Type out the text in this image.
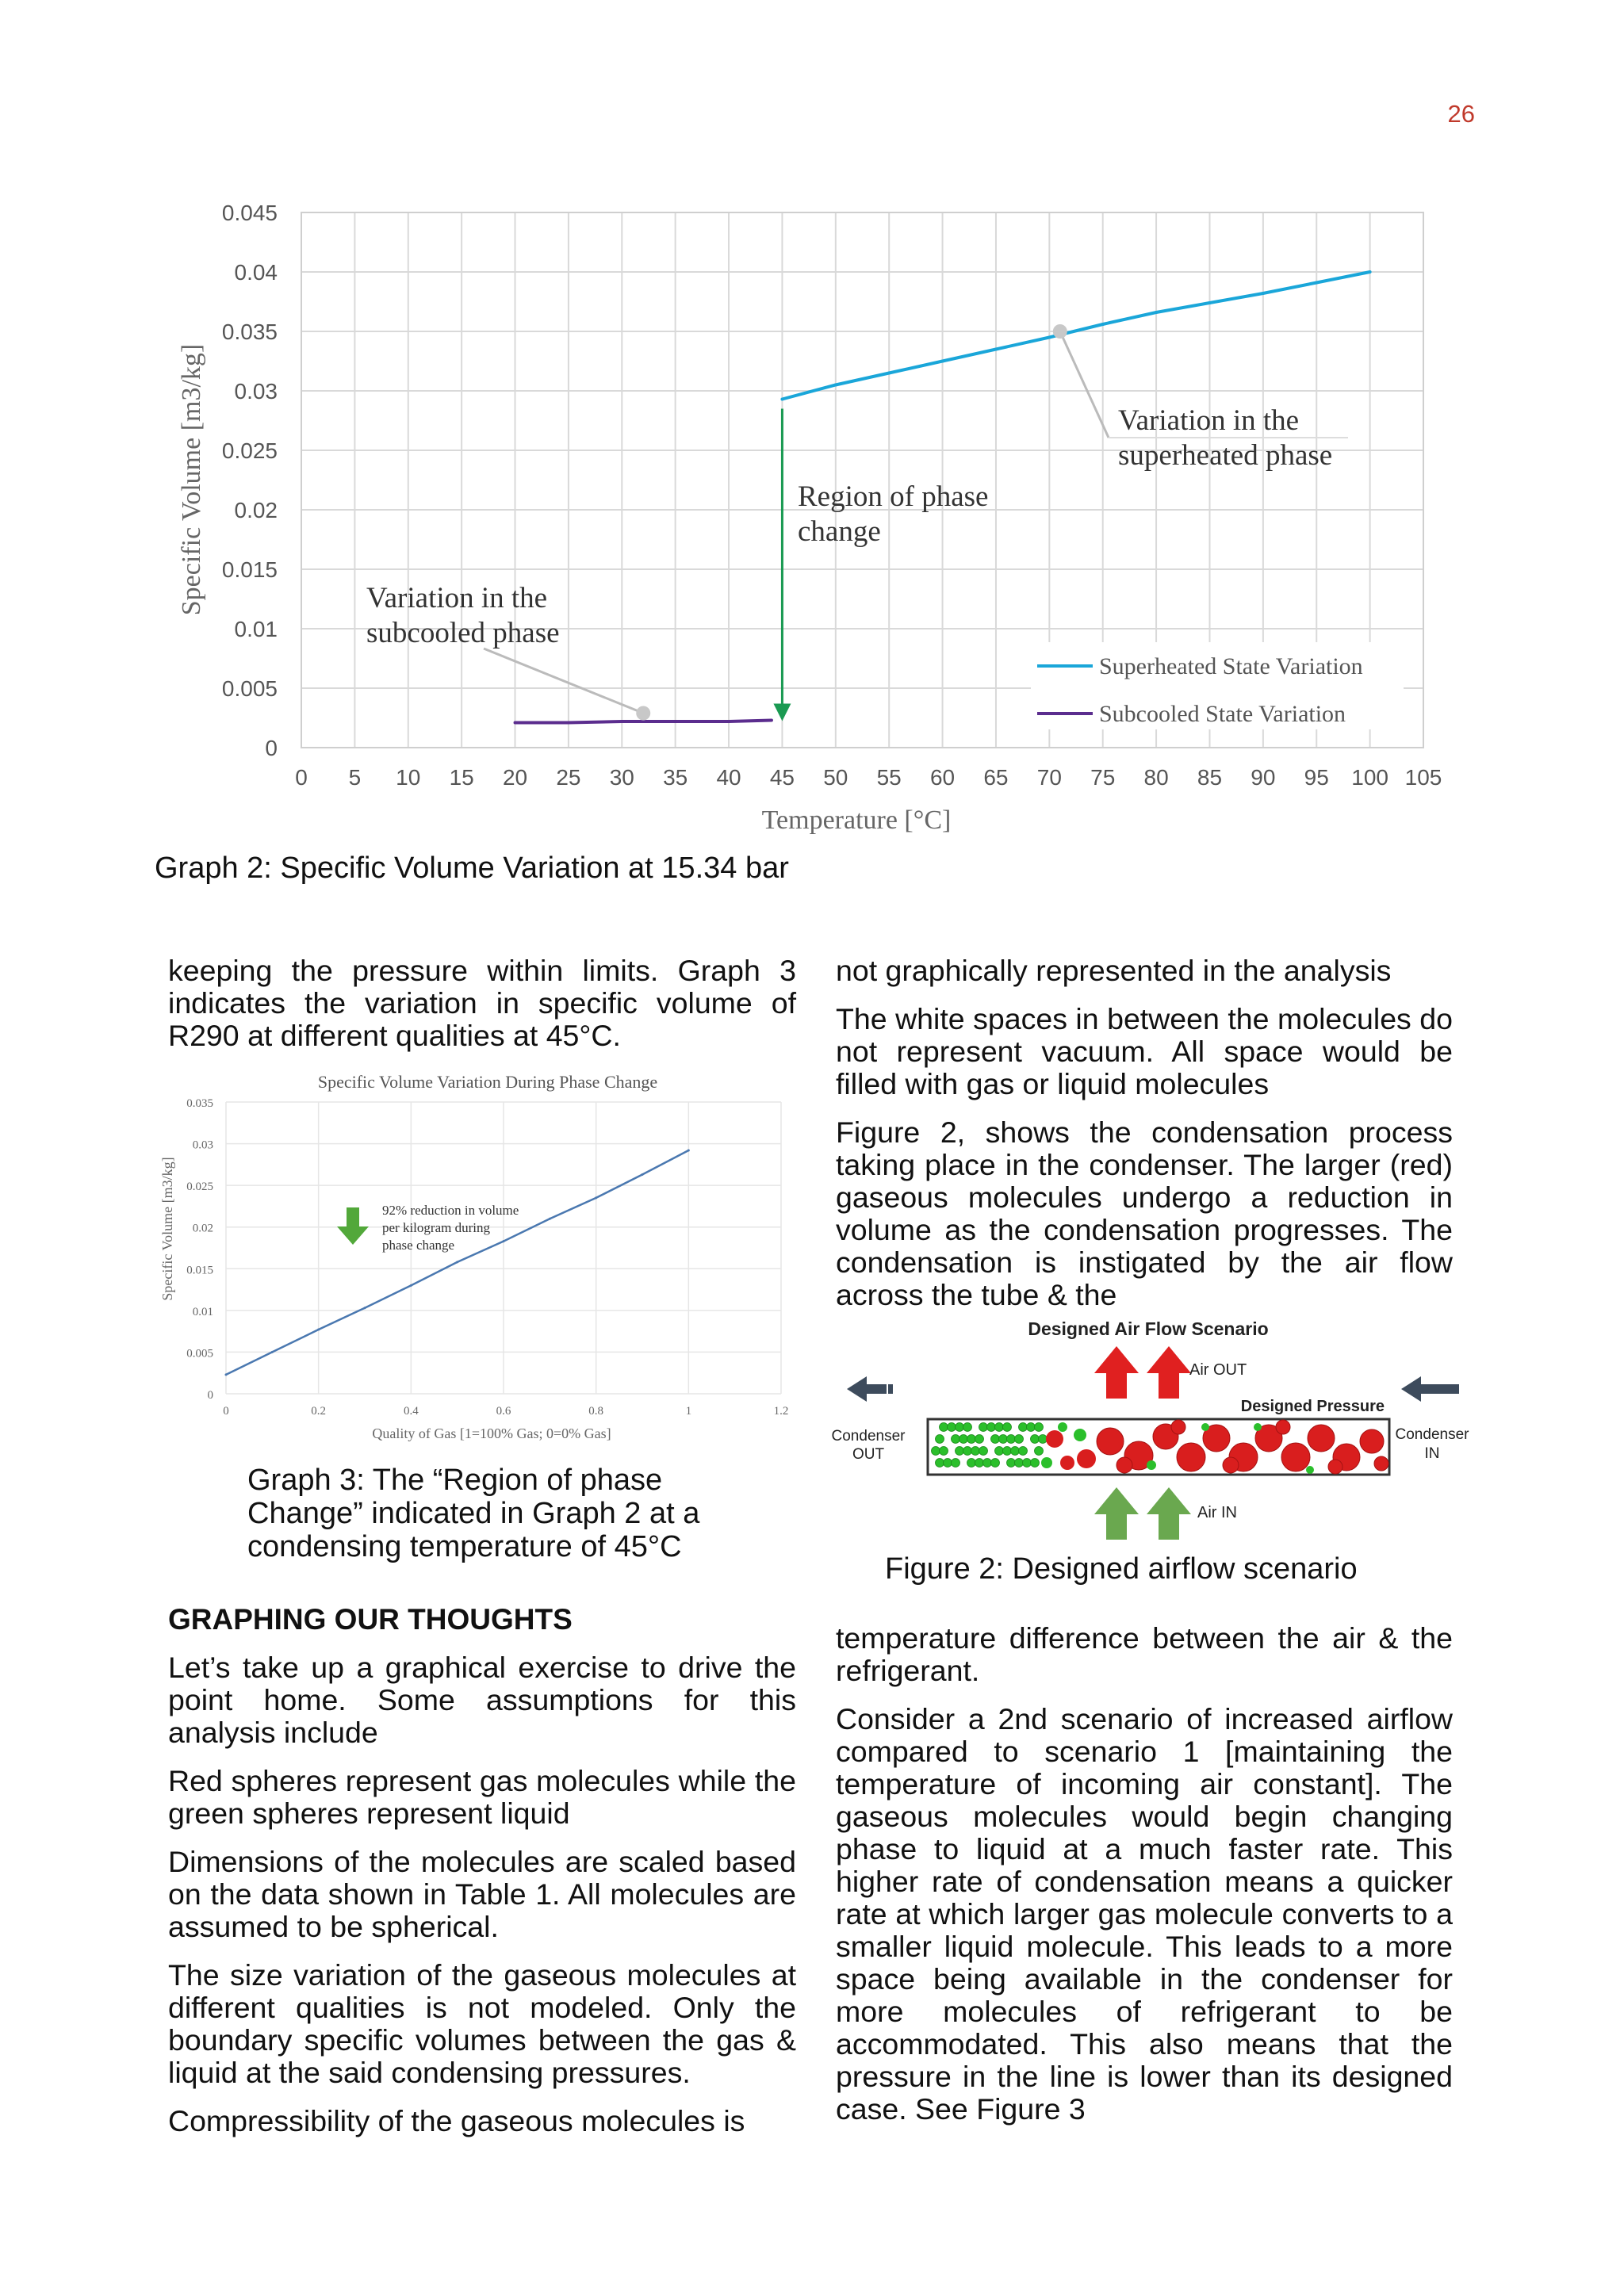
26
0
0.005
0.01
0.015
0.02
0.025
0.03
0.035
0.04
0.045
0 5 10 15 20 25 30 35 40 45 50 55 60 65 70 75 80 85 90 95 100 105
Temperature [°C]
Specific Volume [m3/kg]	Variation in the
subcooled phase
Region of phase
change
Variation in the
superheated phase
Superheated State Variation
Subcooled State Variation
Graph 2: Specific Volume Variation at 15.34 bar

keeping the pressure within limits. Graph 3 indicates the variation in specific volume of R290 at different qualities at 45°C.

Specific Volume Variation During Phase Change
0
0.005
0.01
0.015
0.02
0.025
0.03
0.035
0	0.2	0.4	0.6	0.8	1	1.2
Quality of Gas [1=100% Gas; 0=0% Gas]
Specific Volume [m3/kg]	92% reduction in volume
per kilogram during
phase change
Graph 3: The “Region of phase
Change” indicated in Graph 2 at a
condensing temperature of 45°C
GRAPHING OUR THOUGHTS

Let’s take up a graphical exercise to drive the point home. Some assumptions for this analysis include

Red spheres represent gas molecules while the green spheres represent liquid

Dimensions of the molecules are scaled based on the data shown in Table 1. All molecules are assumed to be spherical.

The size variation of the gaseous molecules at different qualities is not modeled. Only the boundary specific volumes between the gas & liquid at the said condensing pressures.

Compressibility of the gaseous molecules is

not graphically represented in the analysis

The white spaces in between the molecules do not represent vacuum. All space would be filled with gas or liquid molecules

Figure 2, shows the condensation process taking place in the condenser. The larger (red) gaseous molecules undergo a reduction in volume as the condensation progresses. The condensation is instigated by the air flow across the tube & the

Designed Air Flow Scenario
Air OUT
Designed Pressure
Condenser
OUT
Condenser
IN
Air IN
Figure 2: Designed airflow scenario

temperature difference between the air & the refrigerant.

Consider a 2nd scenario of increased airflow compared to scenario 1 [maintaining the temperature of incoming air constant]. The gaseous molecules would begin changing phase to liquid at a much faster rate. This higher rate of condensation means a quicker rate at which larger gas molecule converts to a smaller liquid molecule. This leads to a more space being available in the condenser for more molecules of refrigerant to be accommodated. This also means that the pressure in the line is lower than its designed case. See Figure 3
